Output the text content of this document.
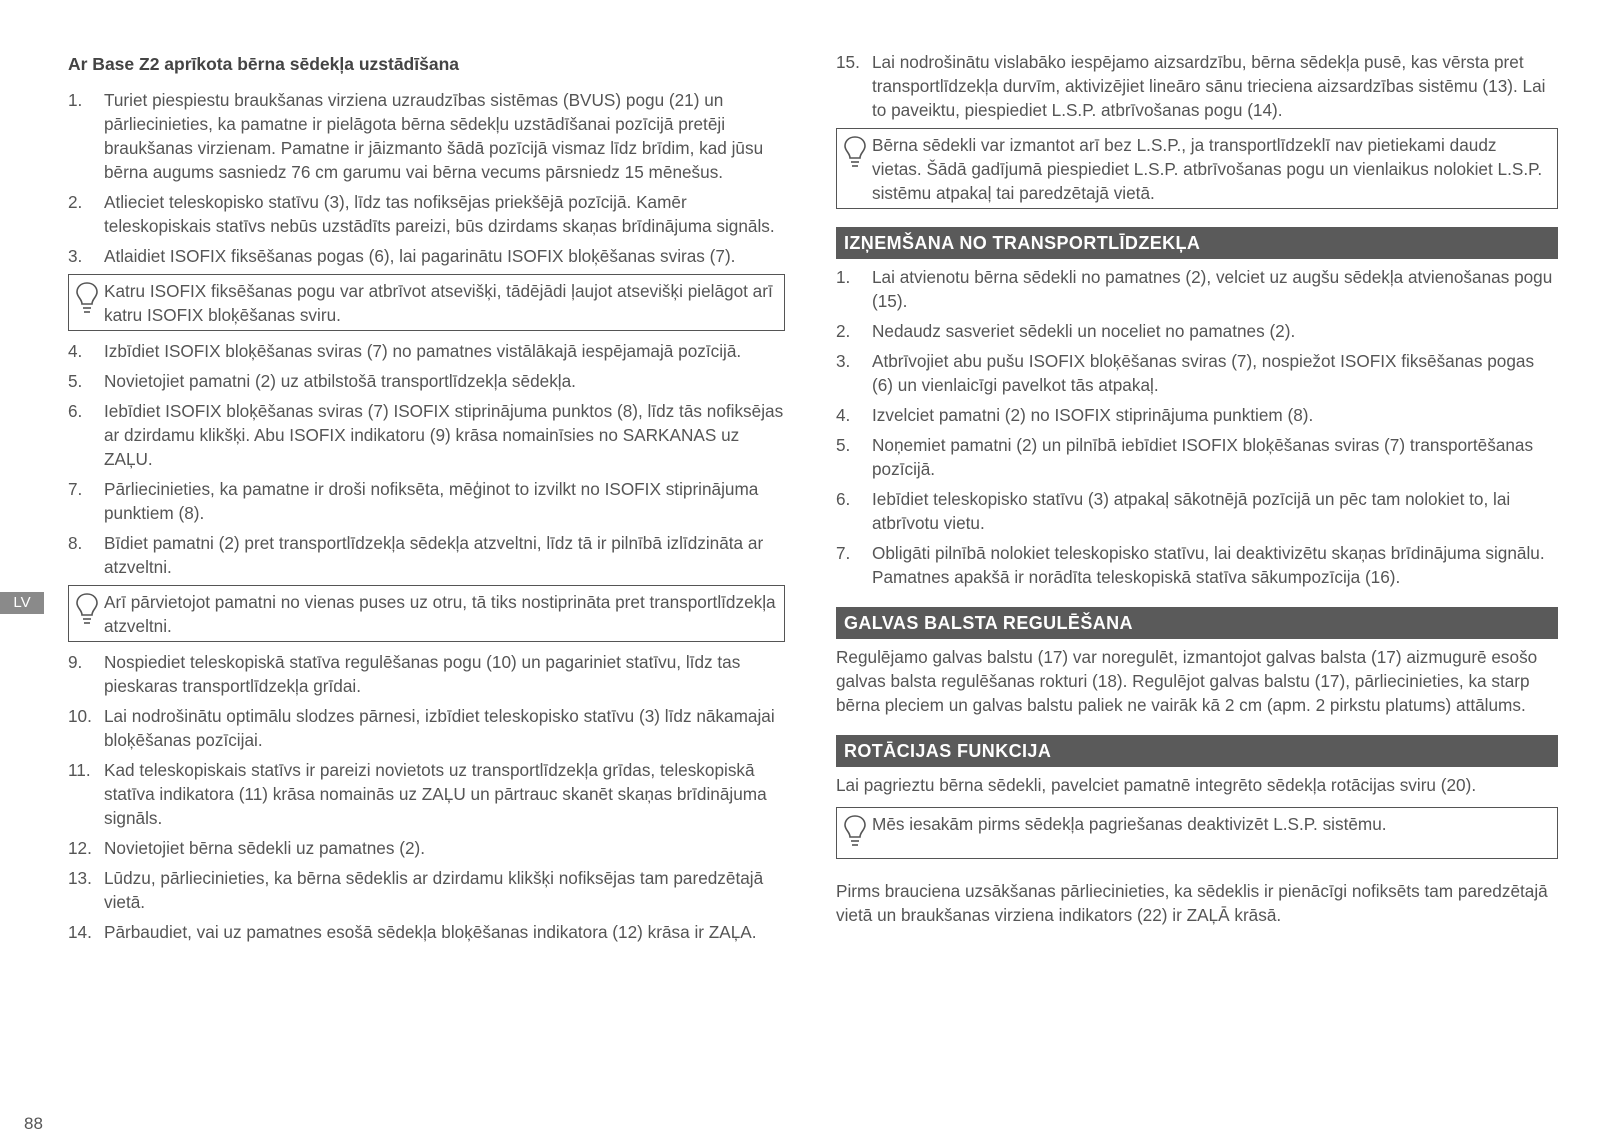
Ar Base Z2 aprīkota bērna sēdekļa uzstādīšana
1. Turiet piespiestu braukšanas virziena uzraudzības sistēmas (BVUS) pogu (21) un pārliecinieties, ka pamatne ir pielāgota bērna sēdekļu uzstādīšanai pozīcijā pretēji braukšanas virzienam. Pamatne ir jāizmanto šādā pozīcijā vismaz līdz brīdim, kad jūsu bērna augums sasniedz 76 cm garumu vai bērna vecums pārsniedz 15 mēnešus.
2. Atlieciet teleskopisko statīvu (3), līdz tas nofiksējas priekšējā pozīcijā. Kamēr teleskopiskais statīvs nebūs uzstādīts pareizi, būs dzirdams skaņas brīdinājuma signāls.
3. Atlaidiet ISOFIX fiksēšanas pogas (6), lai pagarinātu ISOFIX bloķēšanas sviras (7).
Katru ISOFIX fiksēšanas pogu var atbrīvot atsevišķi, tādējādi ļaujot atsevišķi pielāgot arī katru ISOFIX bloķēšanas sviru.
4. Izbīdiet ISOFIX bloķēšanas sviras (7) no pamatnes vistālākajā iespējamajā pozīcijā.
5. Novietojiet pamatni (2) uz atbilstošā transportlīdzekļa sēdekļa.
6. Iebīdiet ISOFIX bloķēšanas sviras (7) ISOFIX stiprinājuma punktos (8), līdz tās nofiksējas ar dzirdamu klikšķi. Abu ISOFIX indikatoru (9) krāsa nomainīsies no SARKANAS uz ZAĻU.
7. Pārliecinieties, ka pamatne ir droši nofiksēta, mēģinot to izvilkt no ISOFIX stiprinājuma punktiem (8).
8. Bīdiet pamatni (2) pret transportlīdzekļa sēdekļa atzveltni, līdz tā ir pilnībā izlīdzināta ar atzveltni.
Arī pārvietojot pamatni no vienas puses uz otru, tā tiks nostiprināta pret transportlīdzekļa atzveltni.
9. Nospiediet teleskopiskā statīva regulēšanas pogu (10) un pagariniet statīvu, līdz tas pieskaras transportlīdzekļa grīdai.
10. Lai nodrošinātu optimālu slodzes pārnesi, izbīdiet teleskopisko statīvu (3) līdz nākamajai bloķēšanas pozīcijai.
11. Kad teleskopiskais statīvs ir pareizi novietots uz transportlīdzekļa grīdas, teleskopiskā statīva indikatora (11) krāsa nomainās uz ZAĻU un pārtrauc skanēt skaņas brīdinājuma signāls.
12. Novietojiet bērna sēdekli uz pamatnes (2).
13. Lūdzu, pārliecinieties, ka bērna sēdeklis ar dzirdamu klikšķi nofiksējas tam paredzētajā vietā.
14. Pārbaudiet, vai uz pamatnes esošā sēdekļa bloķēšanas indikatora (12) krāsa ir ZAĻA.
15. Lai nodrošinātu vislabāko iespējamo aizsardzību, bērna sēdekļa pusē, kas vērsta pret transportlīdzekļa durvīm, aktivizējiet lineāro sānu trieciena aizsardzības sistēmu (13). Lai to paveiktu, piespiediet L.S.P. atbrīvošanas pogu (14).
Bērna sēdekli var izmantot arī bez L.S.P., ja transportlīdzeklī nav pietiekami daudz vietas. Šādā gadījumā piespiediet L.S.P. atbrīvošanas pogu un vienlaikus nolokiet L.S.P. sistēmu atpakaļ tai paredzētajā vietā.
IZŅEMŠANA NO TRANSPORTLĪDZEKĻA
1. Lai atvienotu bērna sēdekli no pamatnes (2), velciet uz augšu sēdekļa atvienošanas pogu (15).
2. Nedaudz sasveriet sēdekli un noceliet no pamatnes (2).
3. Atbrīvojiet abu pušu ISOFIX bloķēšanas sviras (7), nospiežot ISOFIX fiksēšanas pogas (6) un vienlaicīgi pavelkot tās atpakaļ.
4. Izvelciet pamatni (2) no ISOFIX stiprinājuma punktiem (8).
5. Noņemiet pamatni (2) un pilnībā iebīdiet ISOFIX bloķēšanas sviras (7) transportēšanas pozīcijā.
6. Iebīdiet teleskopisko statīvu (3) atpakaļ sākotnējā pozīcijā un pēc tam nolokiet to, lai atbrīvotu vietu.
7. Obligāti pilnībā nolokiet teleskopisko statīvu, lai deaktivizētu skaņas brīdinājuma signālu. Pamatnes apakšā ir norādīta teleskopiskā statīva sākumpozīcija (16).
GALVAS BALSTA REGULĒŠANA

Regulējamo galvas balstu (17) var noregulēt, izmantojot galvas balsta (17) aizmugurē esošo galvas balsta regulēšanas rokturi (18). Regulējot galvas balstu (17), pārliecinieties, ka starp bērna pleciem un galvas balstu paliek ne vairāk kā 2 cm (apm. 2 pirkstu platums) attālums.

ROTĀCIJAS FUNKCIJA

Lai pagrieztu bērna sēdekli, pavelciet pamatnē integrēto sēdekļa rotācijas sviru (20).

Mēs iesakām pirms sēdekļa pagriešanas deaktivizēt L.S.P. sistēmu.

Pirms brauciena uzsākšanas pārliecinieties, ka sēdeklis ir pienācīgi nofiksēts tam paredzētajā vietā un braukšanas virziena indikators (22) ir ZAĻĀ krāsā.

LV
88
